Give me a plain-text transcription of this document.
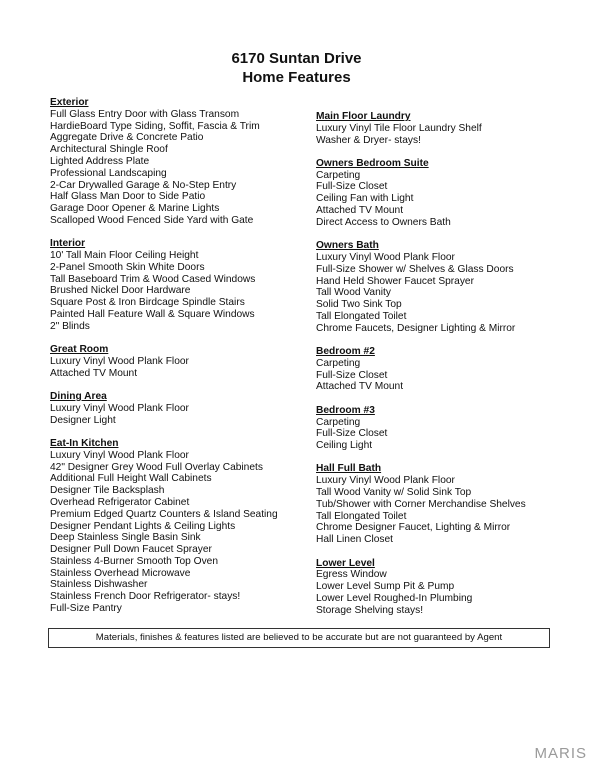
6170 Suntan Drive
Home Features
Exterior
Full Glass Entry Door with Glass Transom
HardieBoard Type Siding, Soffit, Fascia & Trim
Aggregate Drive & Concrete Patio
Architectural Shingle Roof
Lighted Address Plate
Professional Landscaping
2-Car Drywalled Garage & No-Step Entry
Half Glass Man Door to Side Patio
Garage Door Opener & Marine Lights
Scalloped Wood Fenced Side Yard with Gate
Interior
10' Tall Main Floor Ceiling Height
2-Panel Smooth Skin White Doors
Tall Baseboard Trim & Wood Cased Windows
Brushed Nickel Door Hardware
Square Post & Iron Birdcage Spindle Stairs
Painted Hall Feature Wall & Square Windows
2" Blinds
Great Room
Luxury Vinyl Wood Plank Floor
Attached TV Mount
Dining Area
Luxury Vinyl Wood Plank Floor
Designer Light
Eat-In Kitchen
Luxury Vinyl Wood Plank Floor
42" Designer Grey Wood Full Overlay Cabinets
Additional Full Height Wall Cabinets
Designer Tile Backsplash
Overhead Refrigerator Cabinet
Premium Edged Quartz Counters & Island Seating
Designer Pendant Lights & Ceiling Lights
Deep Stainless Single Basin Sink
Designer Pull Down Faucet Sprayer
Stainless 4-Burner Smooth Top Oven
Stainless Overhead Microwave
Stainless Dishwasher
Stainless French Door Refrigerator- stays!
Full-Size Pantry
Main Floor Laundry
Luxury Vinyl Tile Floor Laundry Shelf
Washer & Dryer- stays!
Owners Bedroom Suite
Carpeting
Full-Size Closet
Ceiling Fan with Light
Attached TV Mount
Direct Access to Owners Bath
Owners Bath
Luxury Vinyl Wood Plank Floor
Full-Size Shower w/ Shelves & Glass Doors
Hand Held Shower Faucet Sprayer
Tall Wood Vanity
Solid Two Sink Top
Tall Elongated Toilet
Chrome Faucets, Designer Lighting & Mirror
Bedroom #2
Carpeting
Full-Size Closet
Attached TV Mount
Bedroom #3
Carpeting
Full-Size Closet
Ceiling Light
Hall Full Bath
Luxury Vinyl Wood Plank Floor
Tall Wood Vanity w/ Solid Sink Top
Tub/Shower with Corner Merchandise Shelves
Tall Elongated Toilet
Chrome Designer Faucet, Lighting & Mirror
Hall Linen Closet
Lower Level
Egress Window
Lower Level Sump Pit & Pump
Lower Level Roughed-In Plumbing
Storage Shelving stays!
Materials, finishes & features listed are believed to be accurate but are not guaranteed by Agent
MARIS
